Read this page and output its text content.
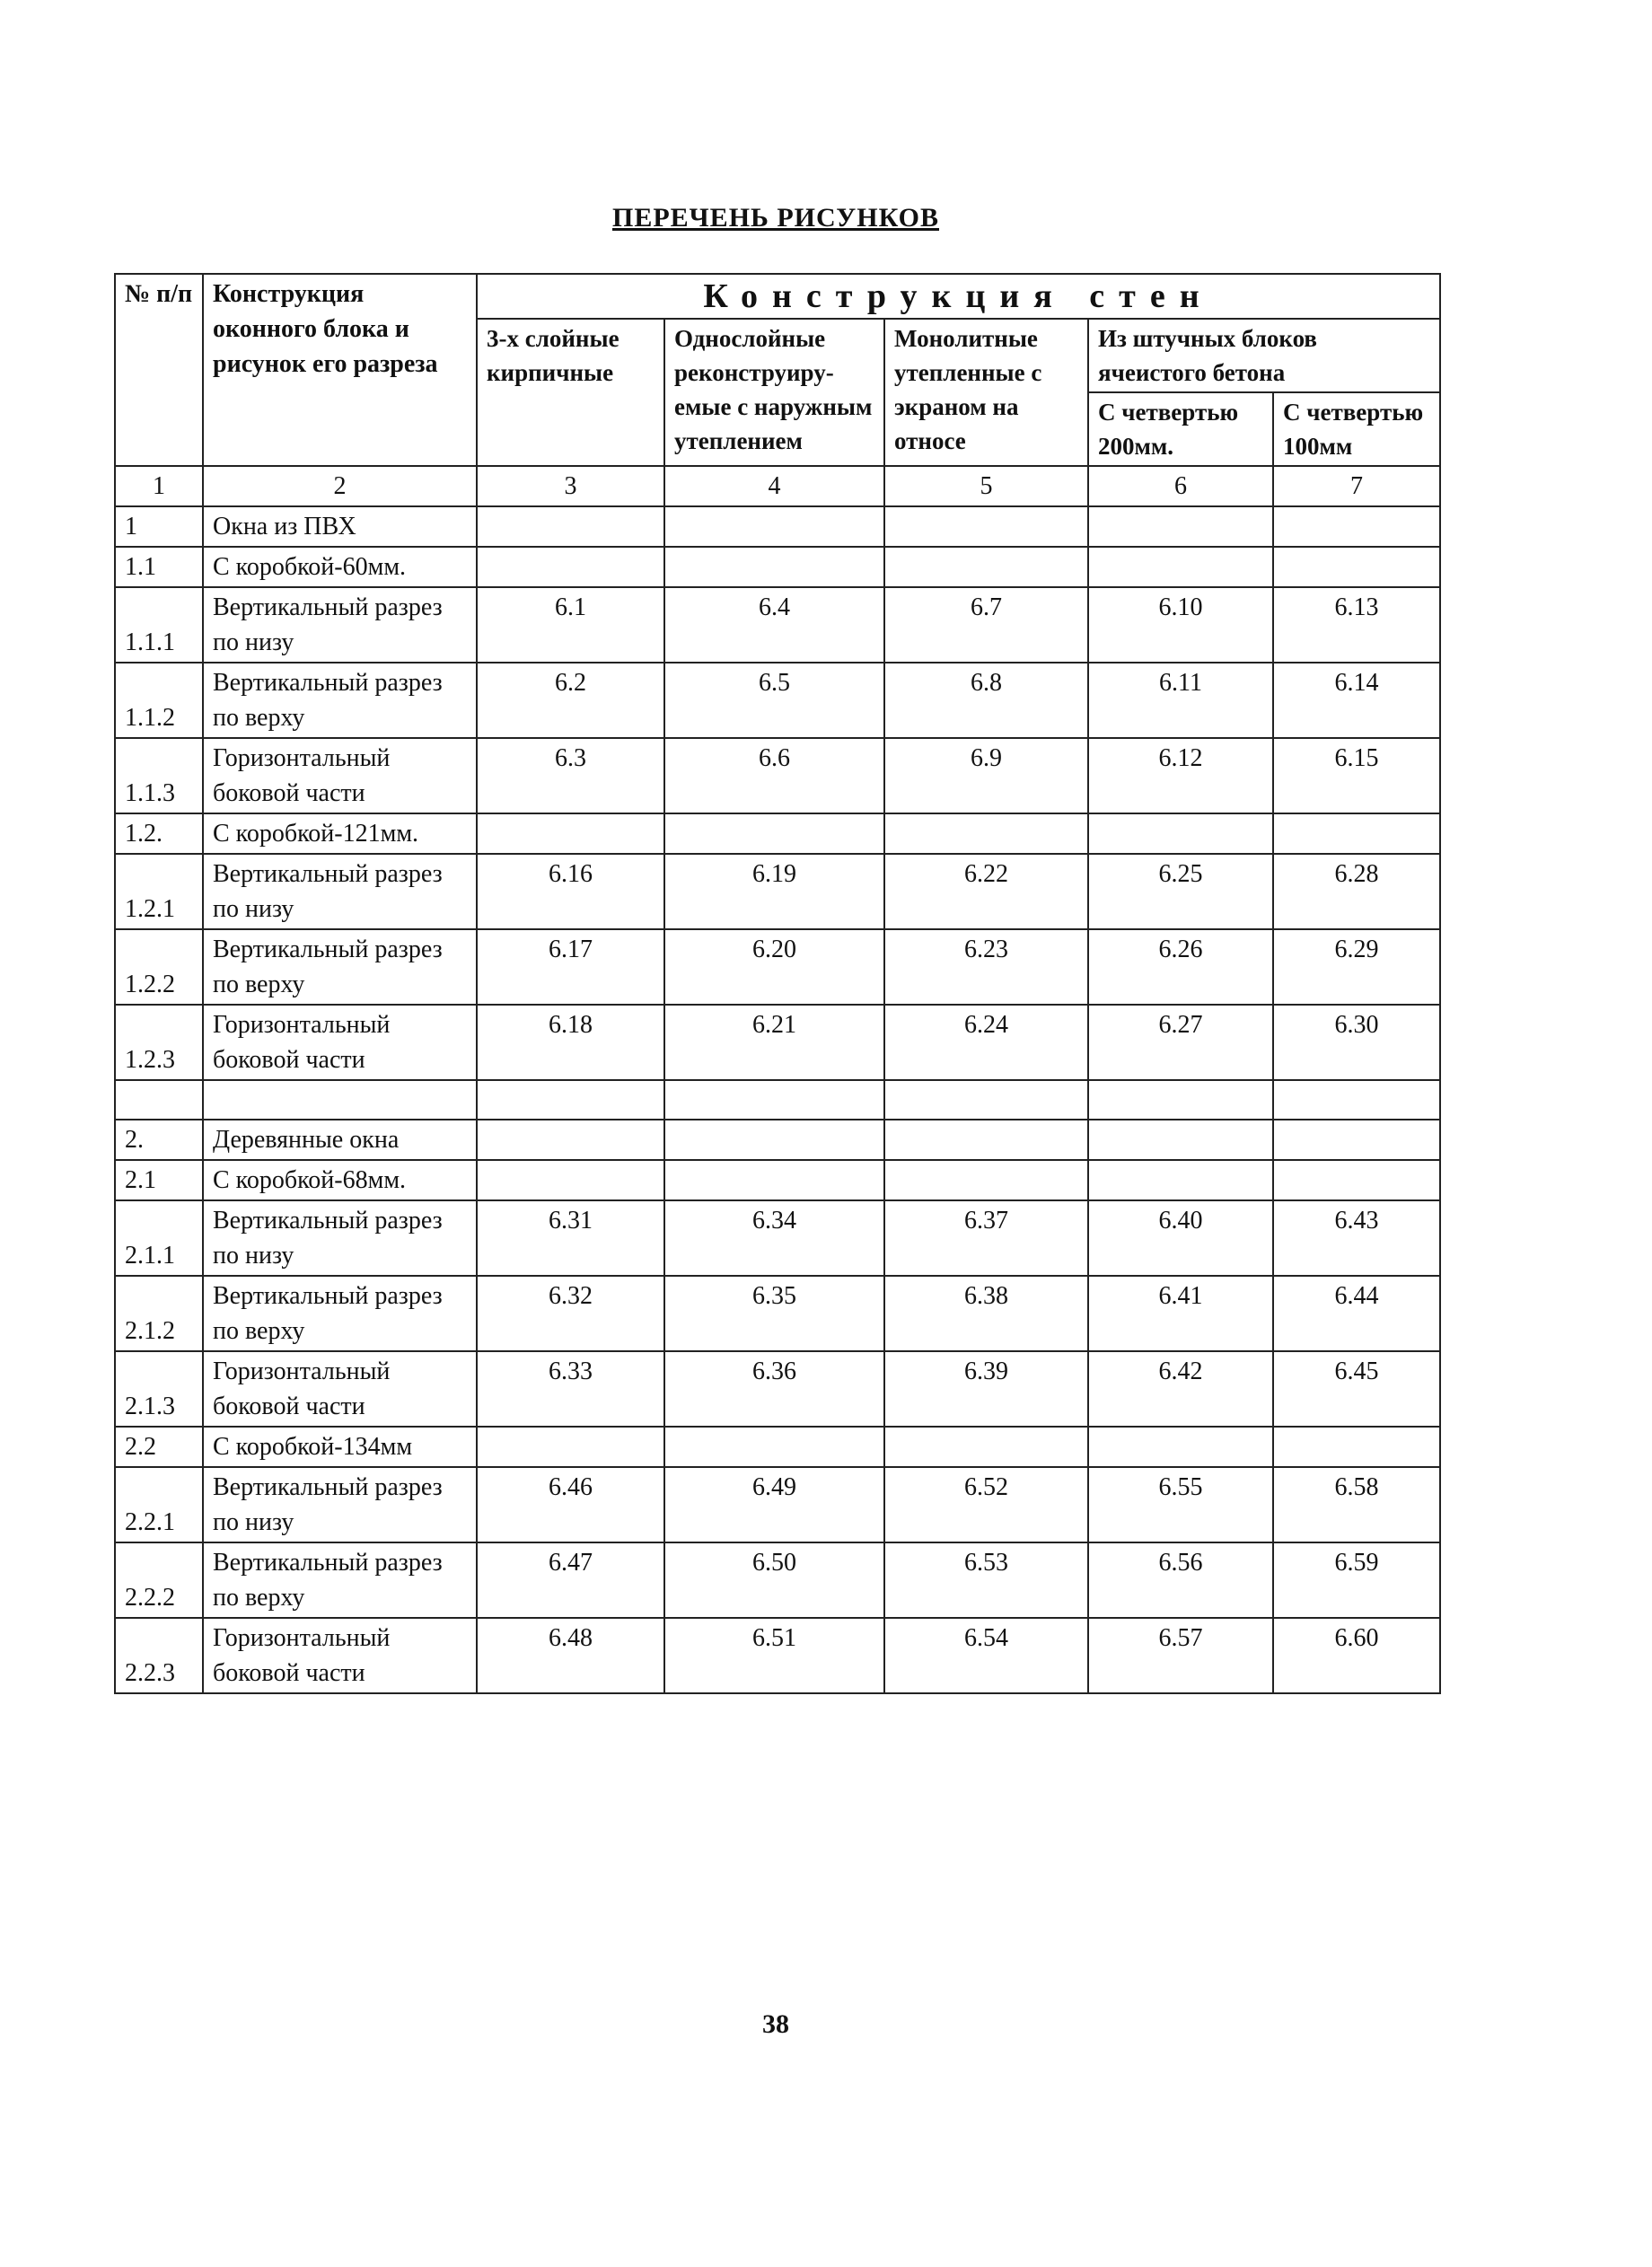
ПЕРЕЧЕНЬ РИСУНКОВ
№ п/п	Конструкция оконного блока и рисунок его разреза	Конструкция стен				
		3-х слойные кирпичные	Однослойные реконструиру-емые с наружным утеплением	Монолитные утепленные с экраном на относе	Из штучных блоков ячеистого бетона	
					С четвертью 200мм.	С четвертью 100мм
1	2	3	4	5	6	7
1	Окна из ПВХ					
1.1	С коробкой-60мм.					
1.1.1	Вертикальный разрез по низу	6.1	6.4	6.7	6.10	6.13
1.1.2	Вертикальный разрез по верху	6.2	6.5	6.8	6.11	6.14
1.1.3	Горизонтальный боковой части	6.3	6.6	6.9	6.12	6.15
1.2.	С коробкой-121мм.					
1.2.1	Вертикальный разрез по низу	6.16	6.19	6.22	6.25	6.28
1.2.2	Вертикальный разрез по верху	6.17	6.20	6.23	6.26	6.29
1.2.3	Горизонтальный боковой части	6.18	6.21	6.24	6.27	6.30

2.	Деревянные окна					
2.1	С коробкой-68мм.					
2.1.1	Вертикальный разрез по низу	6.31	6.34	6.37	6.40	6.43
2.1.2	Вертикальный разрез по верху	6.32	6.35	6.38	6.41	6.44
2.1.3	Горизонтальный боковой части	6.33	6.36	6.39	6.42	6.45
2.2	С коробкой-134мм					
2.2.1	Вертикальный разрез по низу	6.46	6.49	6.52	6.55	6.58
2.2.2	Вертикальный разрез по верху	6.47	6.50	6.53	6.56	6.59
2.2.3	Горизонтальный боковой части	6.48	6.51	6.54	6.57	6.60
38
